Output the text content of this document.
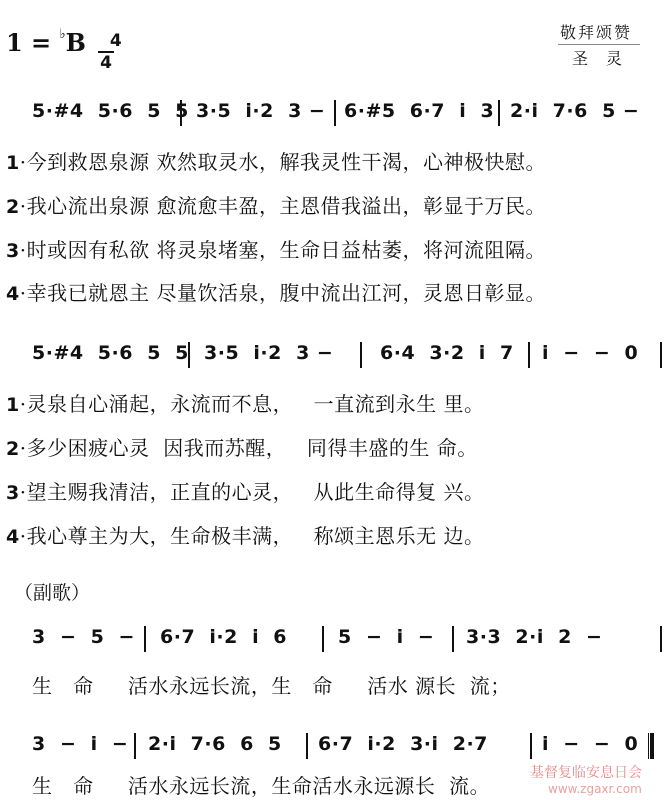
1 = ♭B	4
4

敬拜颂赞
圣灵
5·#4  5·6  5  5 3·5  i·2  3 − 6·#5  6·7  i  3 2·i  7·6  5 −
1·今到救恩泉源 欢然取灵水，解我灵性干渴，心神极快慰。
2·我心流出泉源 愈流愈丰盈，主恩借我溢出，彰显于万民。
3·时或因有私欲 将灵泉堵塞，生命日益枯萎，将河流阻隔。
4·幸我已就恩主 尽量饮活泉，腹中流出江河，灵恩日彰显。
5·#4  5·6  5  5 3·5  i·2  3 − 6·4  3·2  i  7 i  −  −  0
1·灵泉自心涌起，永流而不息，   一直流到永生 里。
2·多少困疲心灵  因我而苏醒，   同得丰盛的生 命。
3·望主赐我清洁，正直的心灵，   从此生命得复 兴。
4·我心尊主为大，生命极丰满，   称颂主恩乐无 边。
（副歌）
3  −  5  − 6·7  i·2  i  6	5  −  i  − 3·3  2·i  2  −
生   命     活水永远长流，生   命     活水 源长  流；
3  −  i  − 2·i  7·6  6  5 6·7  i·2  3·i  2·7	i  −  −  0
生   命     活水永远长流，生命活水永远源长  流。
基督复临安息日会
www.zgaxr.com
